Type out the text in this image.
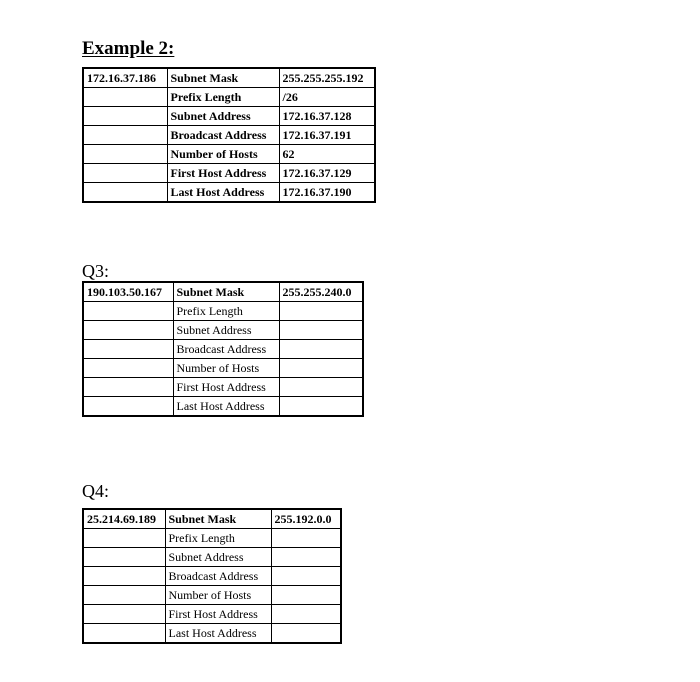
Example 2:
172.16.37.186	Subnet Mask	255.255.255.192
	Prefix Length	/26
	Subnet Address	172.16.37.128
	Broadcast Address	172.16.37.191
	Number of Hosts	62
	First Host Address	172.16.37.129
	Last Host Address	172.16.37.190
Q3:
190.103.50.167	Subnet Mask	255.255.240.0
	Prefix Length	
	Subnet Address	
	Broadcast Address	
	Number of Hosts	
	First Host Address	
	Last Host Address	
Q4:
25.214.69.189	Subnet Mask	255.192.0.0
	Prefix Length	
	Subnet Address	
	Broadcast Address	
	Number of Hosts	
	First Host Address	
	Last Host Address	
